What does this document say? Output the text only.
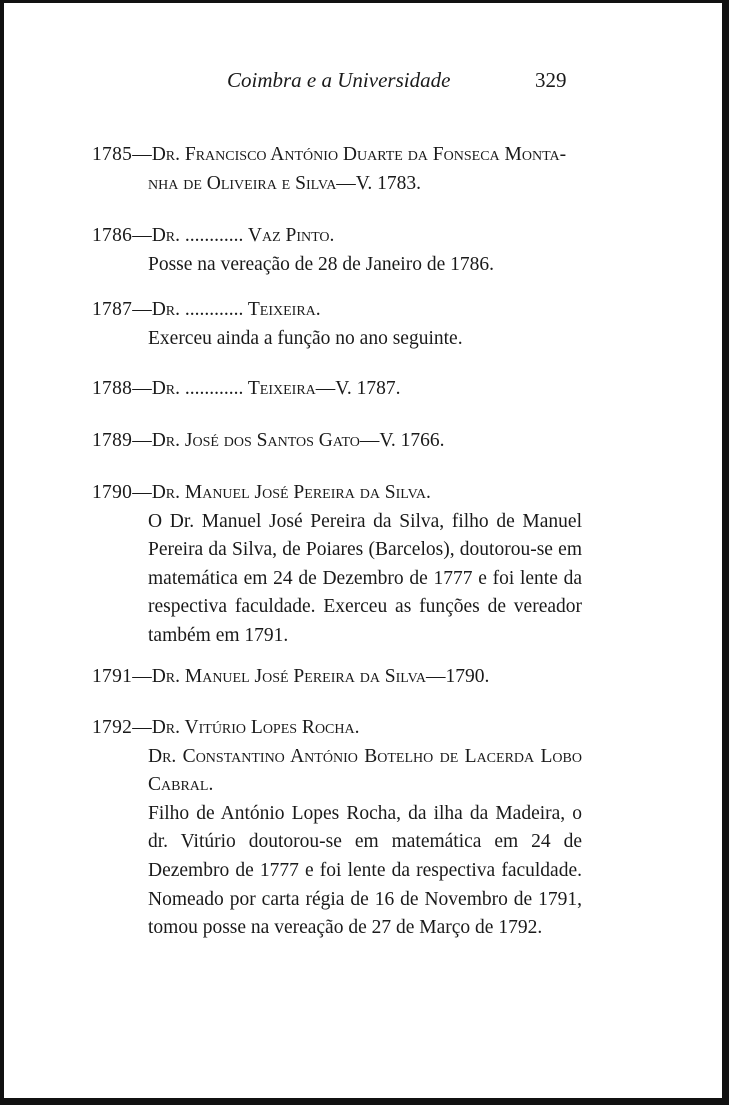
Coimbra e a Universidade	329
1785—Dr. Francisco António Duarte da Fonseca Monta-
nha de Oliveira e Silva—V. 1783.
1786—Dr. ............ Vaz Pinto.
Posse na vereação de 28 de Janeiro de 1786.
1787—Dr. ............ Teixeira.
Exerceu ainda a função no ano seguinte.
1788—Dr. ............ Teixeira—V. 1787.
1789—Dr. José dos Santos Gato—V. 1766.
1790—Dr. Manuel José Pereira da Silva.
O Dr. Manuel José Pereira da Silva, filho de Manuel Pereira da Silva, de Poiares (Barcelos), doutorou-se em matemática em 24 de Dezembro de 1777 e foi lente da respectiva faculdade. Exerceu as funções de vereador também em 1791.
1791—Dr. Manuel José Pereira da Silva—1790.
1792—Dr. Vitúrio Lopes Rocha.
Dr. Constantino António Botelho de Lacerda Lobo Cabral.
Filho de António Lopes Rocha, da ilha da Madeira, o dr. Vitúrio doutorou-se em matemática em 24 de Dezembro de 1777 e foi lente da respectiva faculdade. Nomeado por carta régia de 16 de Novembro de 1791, tomou posse na vereação de 27 de Março de 1792.
